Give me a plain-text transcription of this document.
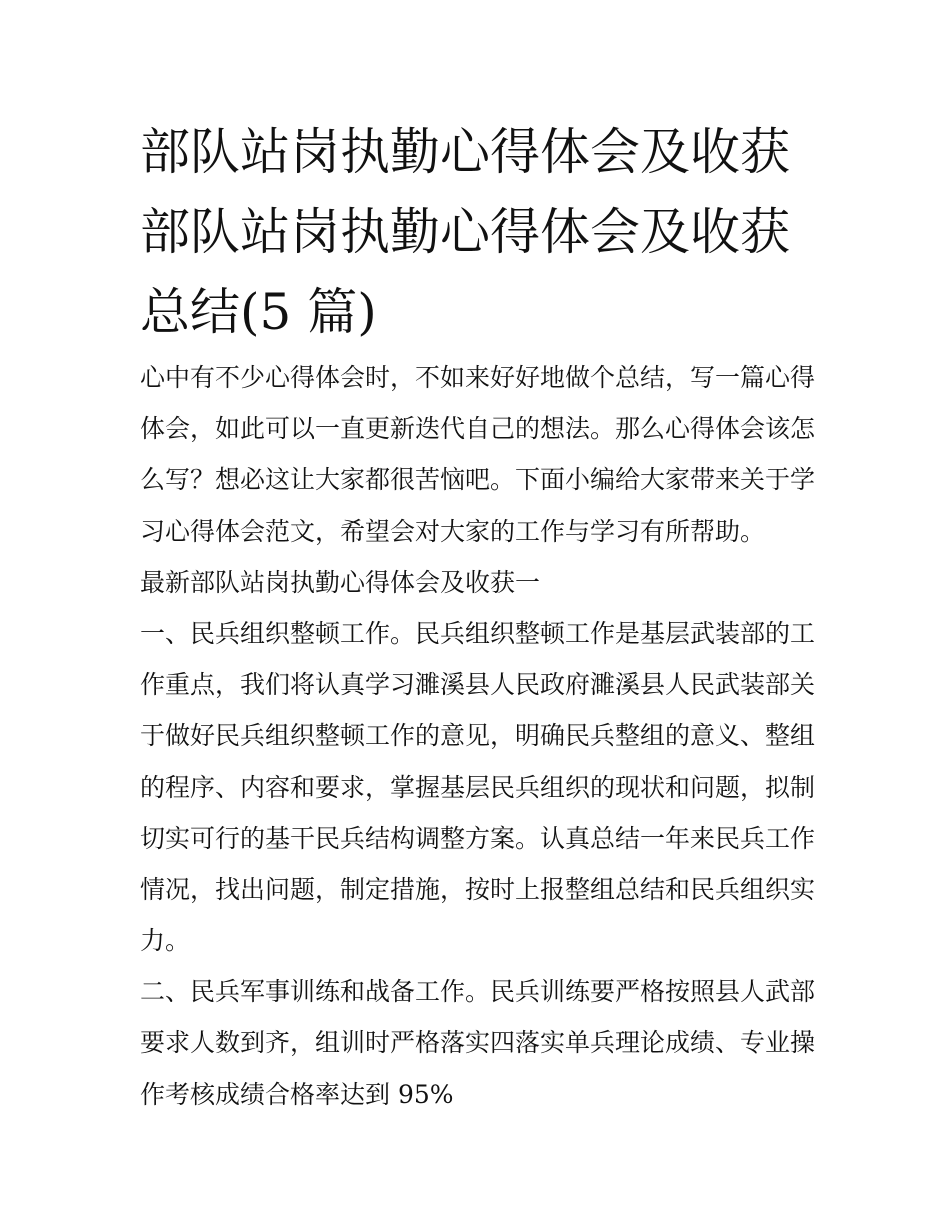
部队站岗执勤心得体会及收获
部队站岗执勤心得体会及收获
总结(5 篇)
心中有不少心得体会时，不如来好好地做个总结，写一篇心得
体会，如此可以一直更新迭代自己的想法。那么心得体会该怎
么写？想必这让大家都很苦恼吧。下面小编给大家带来关于学
习心得体会范文，希望会对大家的工作与学习有所帮助。
最新部队站岗执勤心得体会及收获一
一、民兵组织整顿工作。民兵组织整顿工作是基层武装部的工
作重点，我们将认真学习濉溪县人民政府濉溪县人民武装部关
于做好民兵组织整顿工作的意见，明确民兵整组的意义、整组
的程序、内容和要求，掌握基层民兵组织的现状和问题，拟制
切实可行的基干民兵结构调整方案。认真总结一年来民兵工作
情况，找出问题，制定措施，按时上报整组总结和民兵组织实
力。
二、民兵军事训练和战备工作。民兵训练要严格按照县人武部
要求人数到齐，组训时严格落实四落实单兵理论成绩、专业操
作考核成绩合格率达到 95%
